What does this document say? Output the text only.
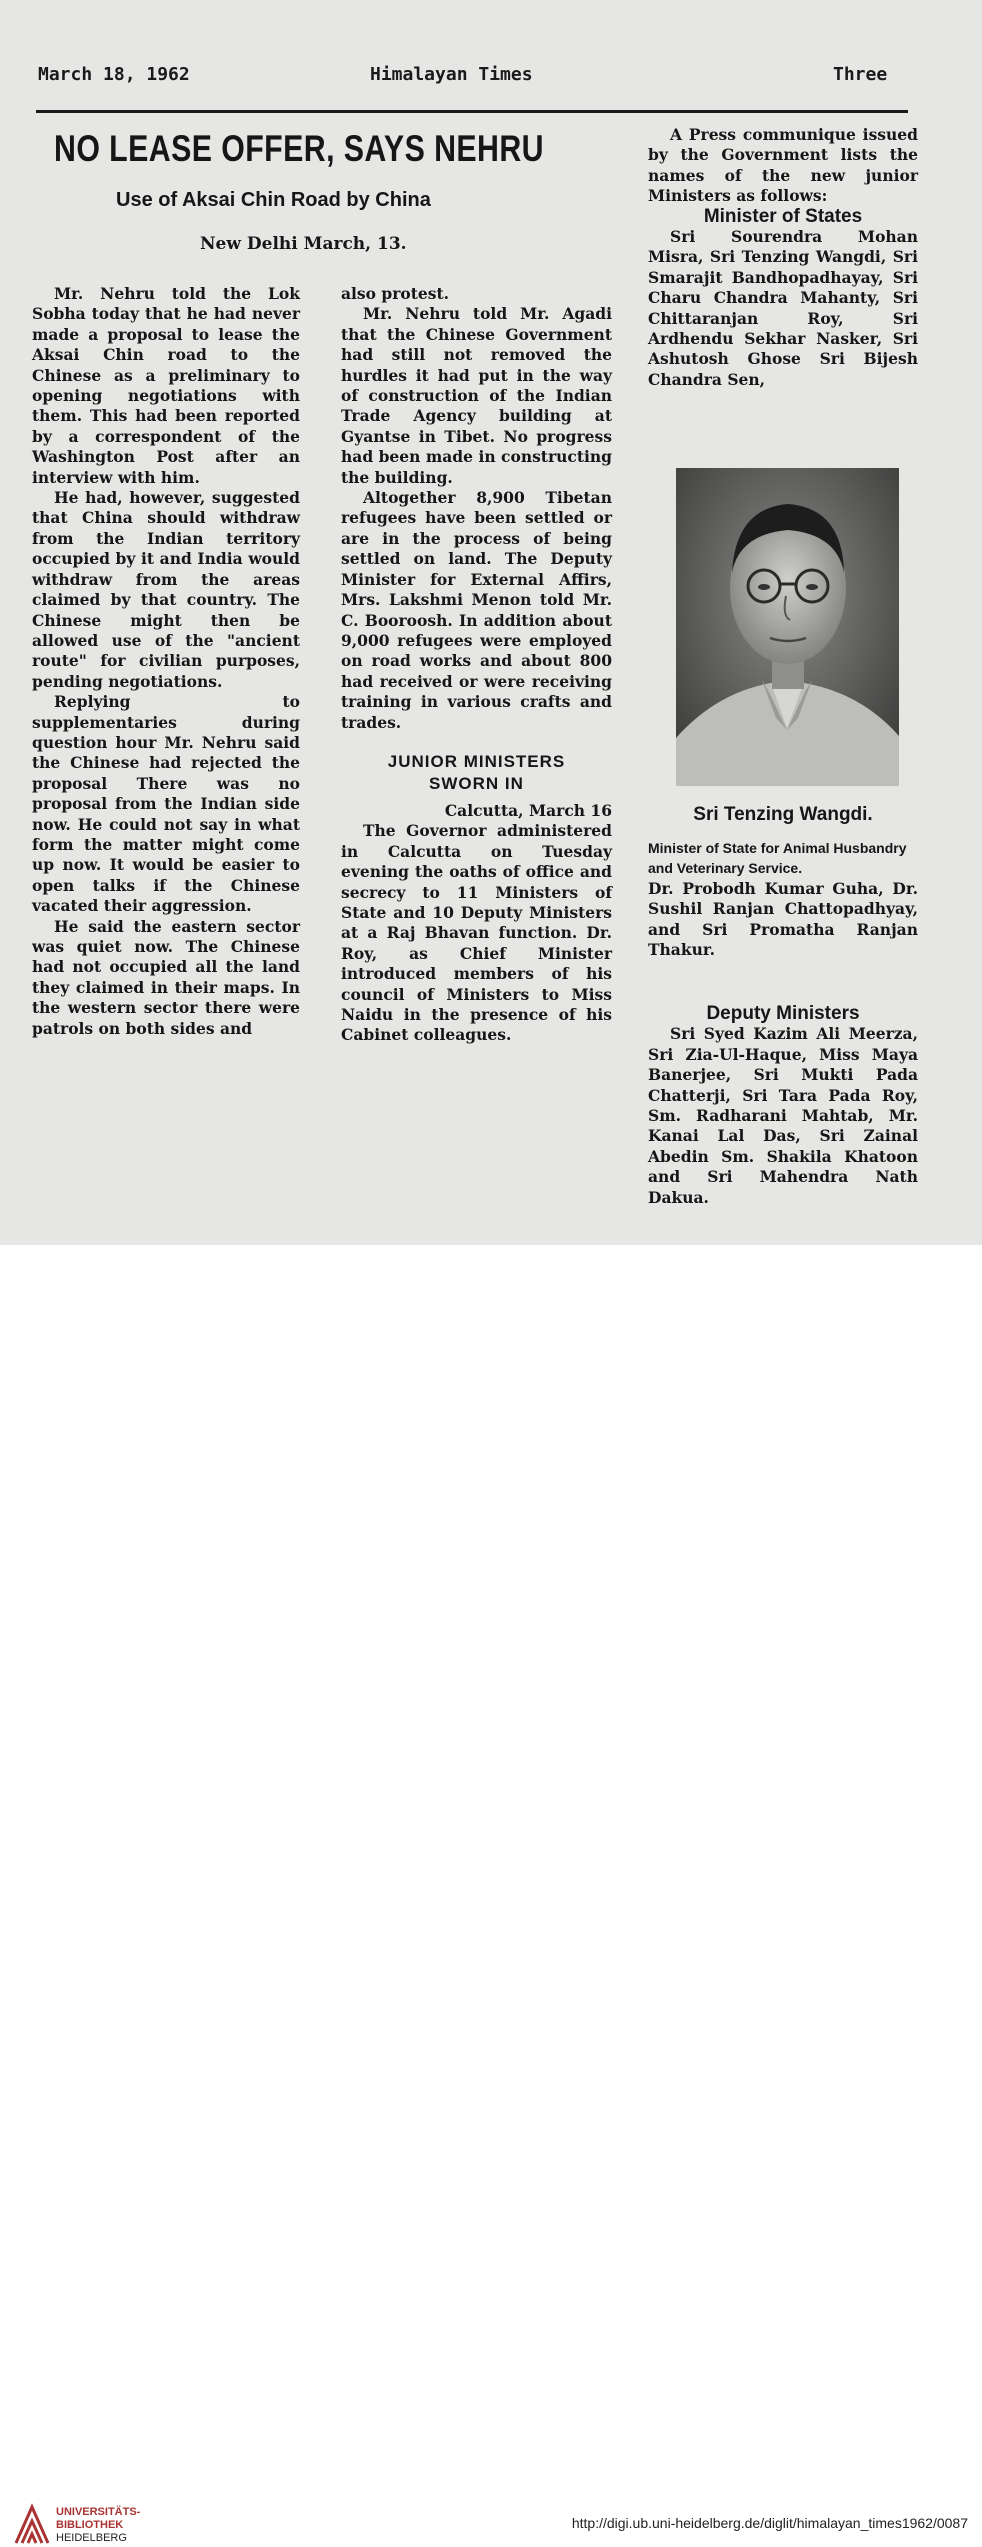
March 18, 1962	Himalayan Times	Three
NO LEASE OFFER, SAYS NEHRU
Use of Aksai Chin Road by China
New Delhi March, 13.

Mr. Nehru told the Lok Sobha today that he had never made a proposal to lease the Aksai Chin road to the Chinese as a preliminary to opening negotiations with them. This had been reported by a correspondent of the Washington Post after an interview with him.

He had, however, suggested that China should withdraw from the Indian territory occupied by it and India would withdraw from the areas claimed by that country. The Chinese might then be allowed use of the "ancient route" for civilian purposes, pending negotiations.

Replying to supplementaries during question hour Mr. Nehru said the Chinese had rejected the proposal There was no proposal from the Indian side now. He could not say in what form the matter might come up now. It would be easier to open talks if the Chinese vacated their aggression.

He said the eastern sector was quiet now. The Chinese had not occupied all the land they claimed in their maps. In the western sector there were patrols on both sides and

also protest.

Mr. Nehru told Mr. Agadi that the Chinese Government had still not removed the hurdles it had put in the way of construction of the Indian Trade Agency building at Gyantse in Tibet. No progress had been made in constructing the building.

Altogether 8,900 Tibetan refugees have been settled or are in the process of being settled on land. The Deputy Minister for External Affirs, Mrs. Lakshmi Menon told Mr. C. Booroosh. In addition about 9,000 refugees were employed on road works and about 800 had received or were receiving training in various crafts and trades.

JUNIOR MINISTERS
SWORN IN

Calcutta, March 16

The Governor administered in Calcutta on Tuesday evening the oaths of office and secrecy to 11 Ministers of State and 10 Deputy Ministers at a Raj Bhavan function. Dr. Roy, as Chief Minister introduced members of his council of Ministers to Miss Naidu in the presence of his Cabinet colleagues.

A Press communique issued by the Government lists the names of the new junior Ministers as follows:

Minister of States

Sri Sourendra Mohan Misra, Sri Tenzing Wangdi, Sri Smarajit Bandhopadhayay, Sri Charu Chandra Mahanty, Sri Chittaranjan Roy, Sri Ardhendu Sekhar Nasker, Sri Ashutosh Ghose Sri Bijesh Chandra Sen,

Sri Tenzing Wangdi.

Minister of State for Animal Husbandry and Veterinary Service.

Dr. Probodh Kumar Guha, Dr. Sushil Ranjan Chattopadhyay, and Sri Promatha Ranjan Thakur.

Deputy Ministers

Sri Syed Kazim Ali Meerza, Sri Zia-Ul-Haque, Miss Maya Banerjee, Sri Mukti Pada Chatterji, Sri Tara Pada Roy, Sm. Radharani Mahtab, Mr. Kanai Lal Das, Sri Zainal Abedin Sm. Shakila Khatoon and Sri Mahendra Nath Dakua.

UNIVERSITÄTS-
BIBLIOTHEK
HEIDELBERG
http://digi.ub.uni-heidelberg.de/diglit/himalayan_times1962/0087
